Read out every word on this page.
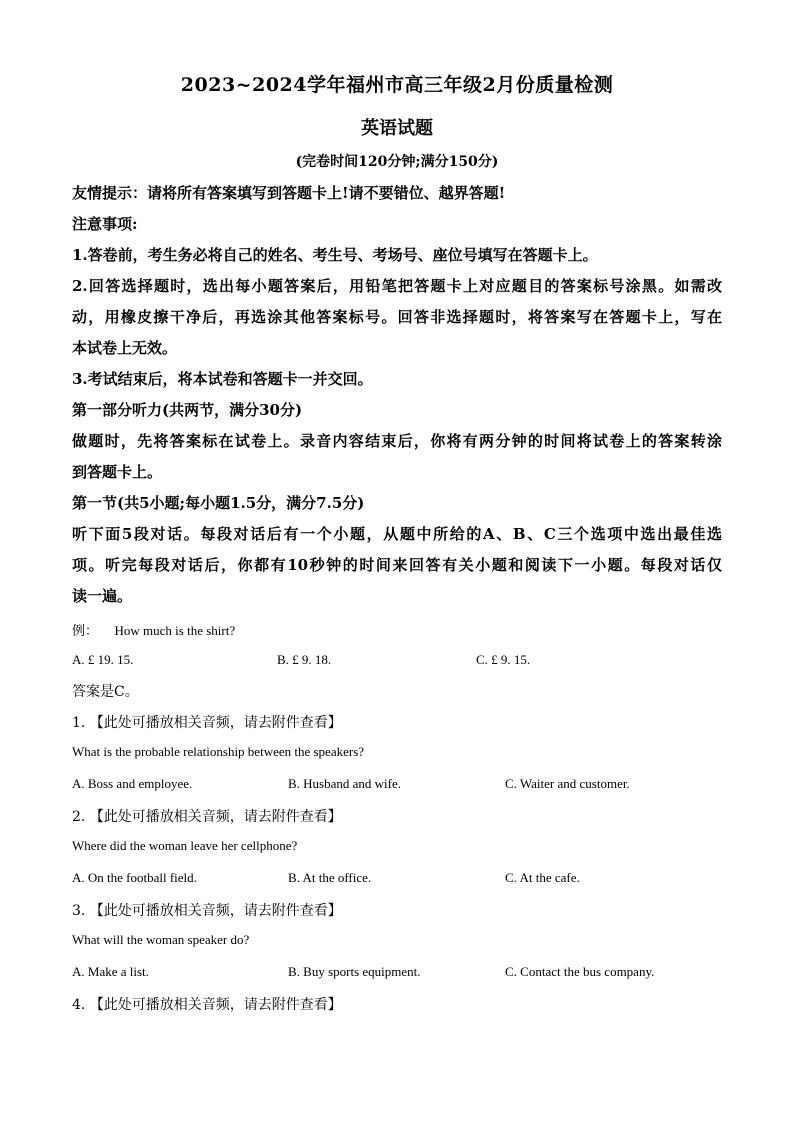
2023~2024学年福州市高三年级2月份质量检测
英语试题
(完卷时间120分钟;满分150分)
友情提示：请将所有答案填写到答题卡上!请不要错位、越界答题!
注意事项:
1.答卷前，考生务必将自己的姓名、考生号、考场号、座位号填写在答题卡上。
2.回答选择题时，选出每小题答案后，用铅笔把答题卡上对应题目的答案标号涂黑。如需改
动，用橡皮擦干净后，再选涂其他答案标号。回答非选择题时，将答案写在答题卡上，写在
本试卷上无效。
3.考试结束后，将本试卷和答题卡一并交回。
第一部分听力(共两节，满分30分)
做题时，先将答案标在试卷上。录音内容结束后，你将有两分钟的时间将试卷上的答案转涂
到答题卡上。
第一节(共5小题;每小题1.5分，满分7.5分)
听下面5段对话。每段对话后有一个小题，从题中所给的A、B、C三个选项中选出最佳选
项。听完每段对话后，你都有10秒钟的时间来回答有关小题和阅读下一小题。每段对话仅
读一遍。
例： How much is the shirt?
A. £ 19. 15.	B. £ 9. 18.	C. £ 9. 15.
答案是C。
1. 【此处可播放相关音频，请去附件查看】
What is the probable relationship between the speakers?
A. Boss and employee.	B. Husband and wife.	C. Waiter and customer.
2. 【此处可播放相关音频，请去附件查看】
Where did the woman leave her cellphone?
A. On the football field.	B. At the office.	C. At the cafe.
3. 【此处可播放相关音频，请去附件查看】
What will the woman speaker do?
A. Make a list.	B. Buy sports equipment.	C. Contact the bus company.
4. 【此处可播放相关音频，请去附件查看】
